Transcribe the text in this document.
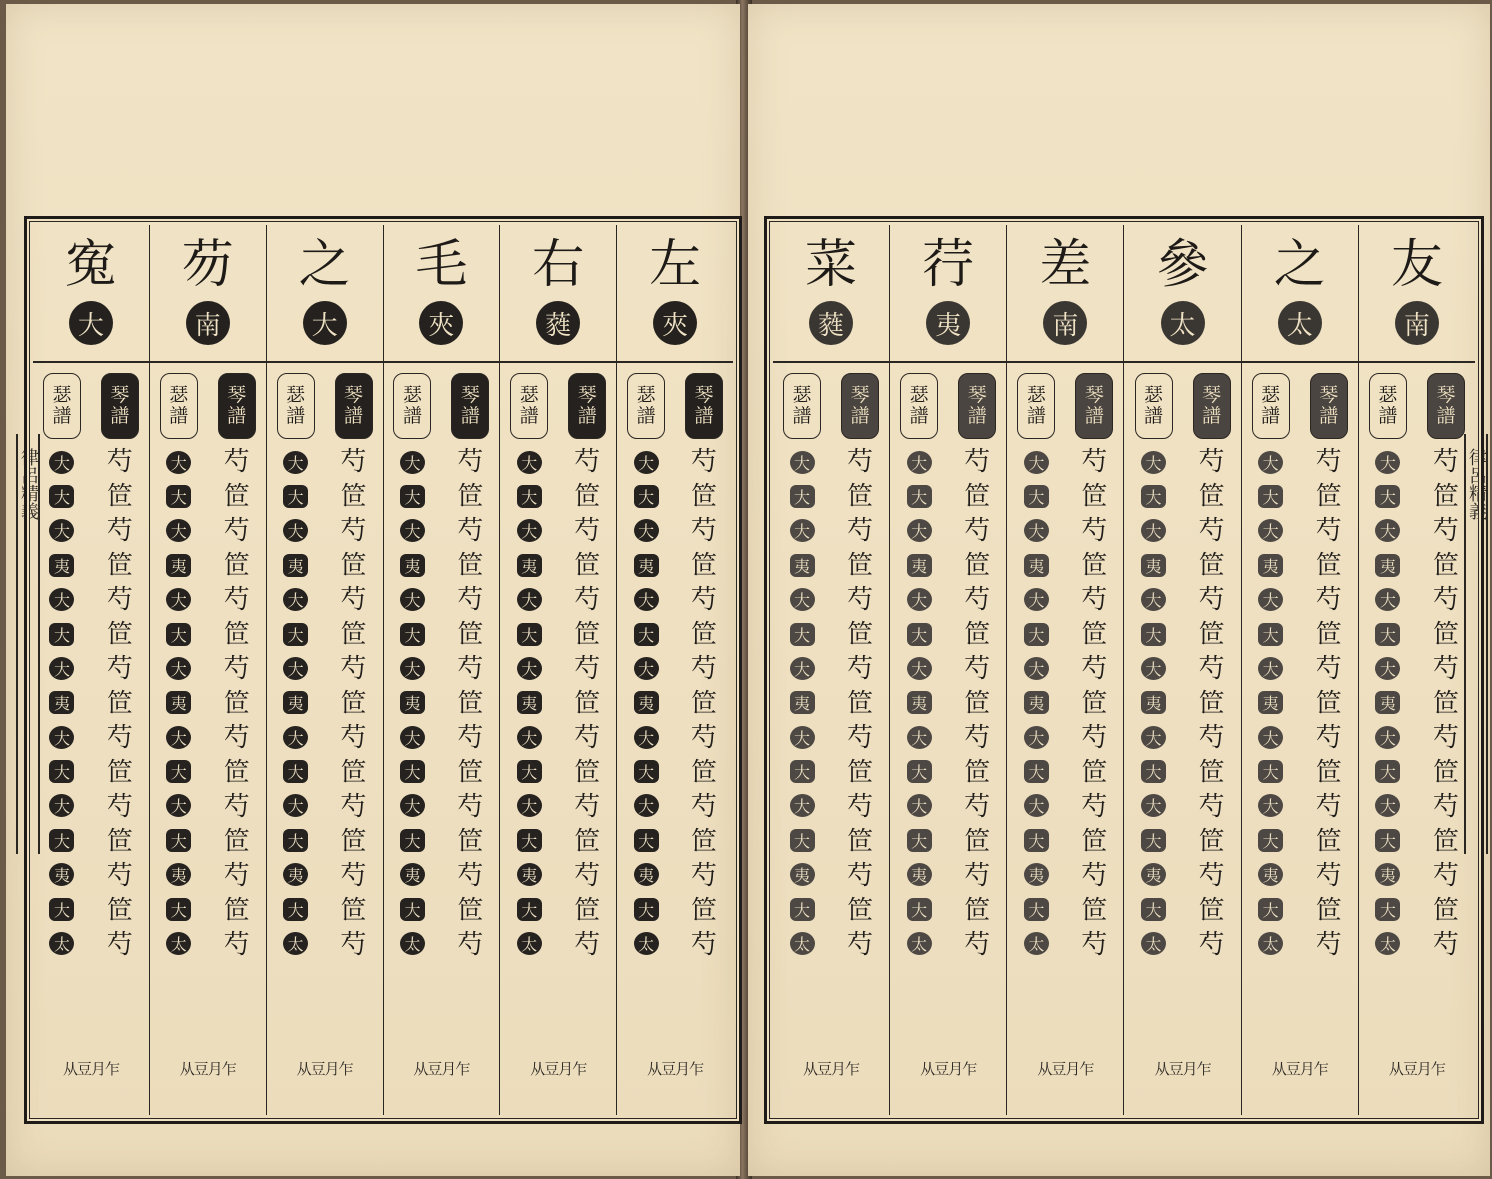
律呂精義
左
夾
琴
譜
芍
笸
芍
笸
芍
笸
芍
笸
芍
笸
芍
笸
芍
笸
芍
瑟
譜
大
大
大
夷
大
大
大
夷
大
大
大
大
夷
大
太
从豆月乍
右
蕤
琴
譜
芍
笸
芍
笸
芍
笸
芍
笸
芍
笸
芍
笸
芍
笸
芍
瑟
譜
大
大
大
夷
大
大
大
夷
大
大
大
大
夷
大
太
从豆月乍
毛
夾
琴
譜
芍
笸
芍
笸
芍
笸
芍
笸
芍
笸
芍
笸
芍
笸
芍
瑟
譜
大
大
大
夷
大
大
大
夷
大
大
大
大
夷
大
太
从豆月乍
之
大
琴
譜
芍
笸
芍
笸
芍
笸
芍
笸
芍
笸
芍
笸
芍
笸
芍
瑟
譜
大
大
大
夷
大
大
大
夷
大
大
大
大
夷
大
太
从豆月乍
芴
南
琴
譜
芍
笸
芍
笸
芍
笸
芍
笸
芍
笸
芍
笸
芍
笸
芍
瑟
譜
大
大
大
夷
大
大
大
夷
大
大
大
大
夷
大
太
从豆月乍
寃
大
琴
譜
芍
笸
芍
笸
芍
笸
芍
笸
芍
笸
芍
笸
芍
笸
芍
瑟
譜
大
大
大
夷
大
大
大
夷
大
大
大
大
夷
大
太
从豆月乍
律呂精義
友
南
琴
譜
芍
笸
芍
笸
芍
笸
芍
笸
芍
笸
芍
笸
芍
笸
芍
瑟
譜
大
大
大
夷
大
大
大
夷
大
大
大
大
夷
大
太
从豆月乍
之
太
琴
譜
芍
笸
芍
笸
芍
笸
芍
笸
芍
笸
芍
笸
芍
笸
芍
瑟
譜
大
大
大
夷
大
大
大
夷
大
大
大
大
夷
大
太
从豆月乍
參
太
琴
譜
芍
笸
芍
笸
芍
笸
芍
笸
芍
笸
芍
笸
芍
笸
芍
瑟
譜
大
大
大
夷
大
大
大
夷
大
大
大
大
夷
大
太
从豆月乍
差
南
琴
譜
芍
笸
芍
笸
芍
笸
芍
笸
芍
笸
芍
笸
芍
笸
芍
瑟
譜
大
大
大
夷
大
大
大
夷
大
大
大
大
夷
大
太
从豆月乍
荇
夷
琴
譜
芍
笸
芍
笸
芍
笸
芍
笸
芍
笸
芍
笸
芍
笸
芍
瑟
譜
大
大
大
夷
大
大
大
夷
大
大
大
大
夷
大
太
从豆月乍
菜
蕤
琴
譜
芍
笸
芍
笸
芍
笸
芍
笸
芍
笸
芍
笸
芍
笸
芍
瑟
譜
大
大
大
夷
大
大
大
夷
大
大
大
大
夷
大
太
从豆月乍
